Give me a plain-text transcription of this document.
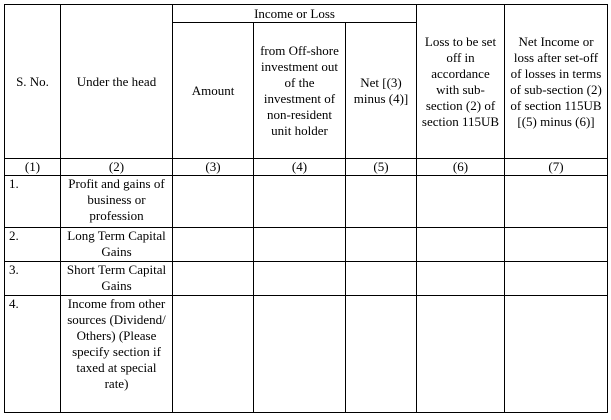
S. No.	Under the head	Income or Loss			Loss to be set off in accordance with sub-section (2) of section 115UB	Net Income or loss after set-off of losses in terms of sub-section (2) of section 115UB [(5) minus (6)]
		Amount	from Off-shore investment out of the investment of non-resident unit holder	Net [(3) minus (4)]		
(1)	(2)	(3)	(4)	(5)	(6)	(7)
1.	Profit and gains of business or profession					
2.	Long Term Capital Gains					
3.	Short Term Capital Gains					
4.	Income from other sources (Dividend/ Others) (Please specify section if taxed at special rate)					
